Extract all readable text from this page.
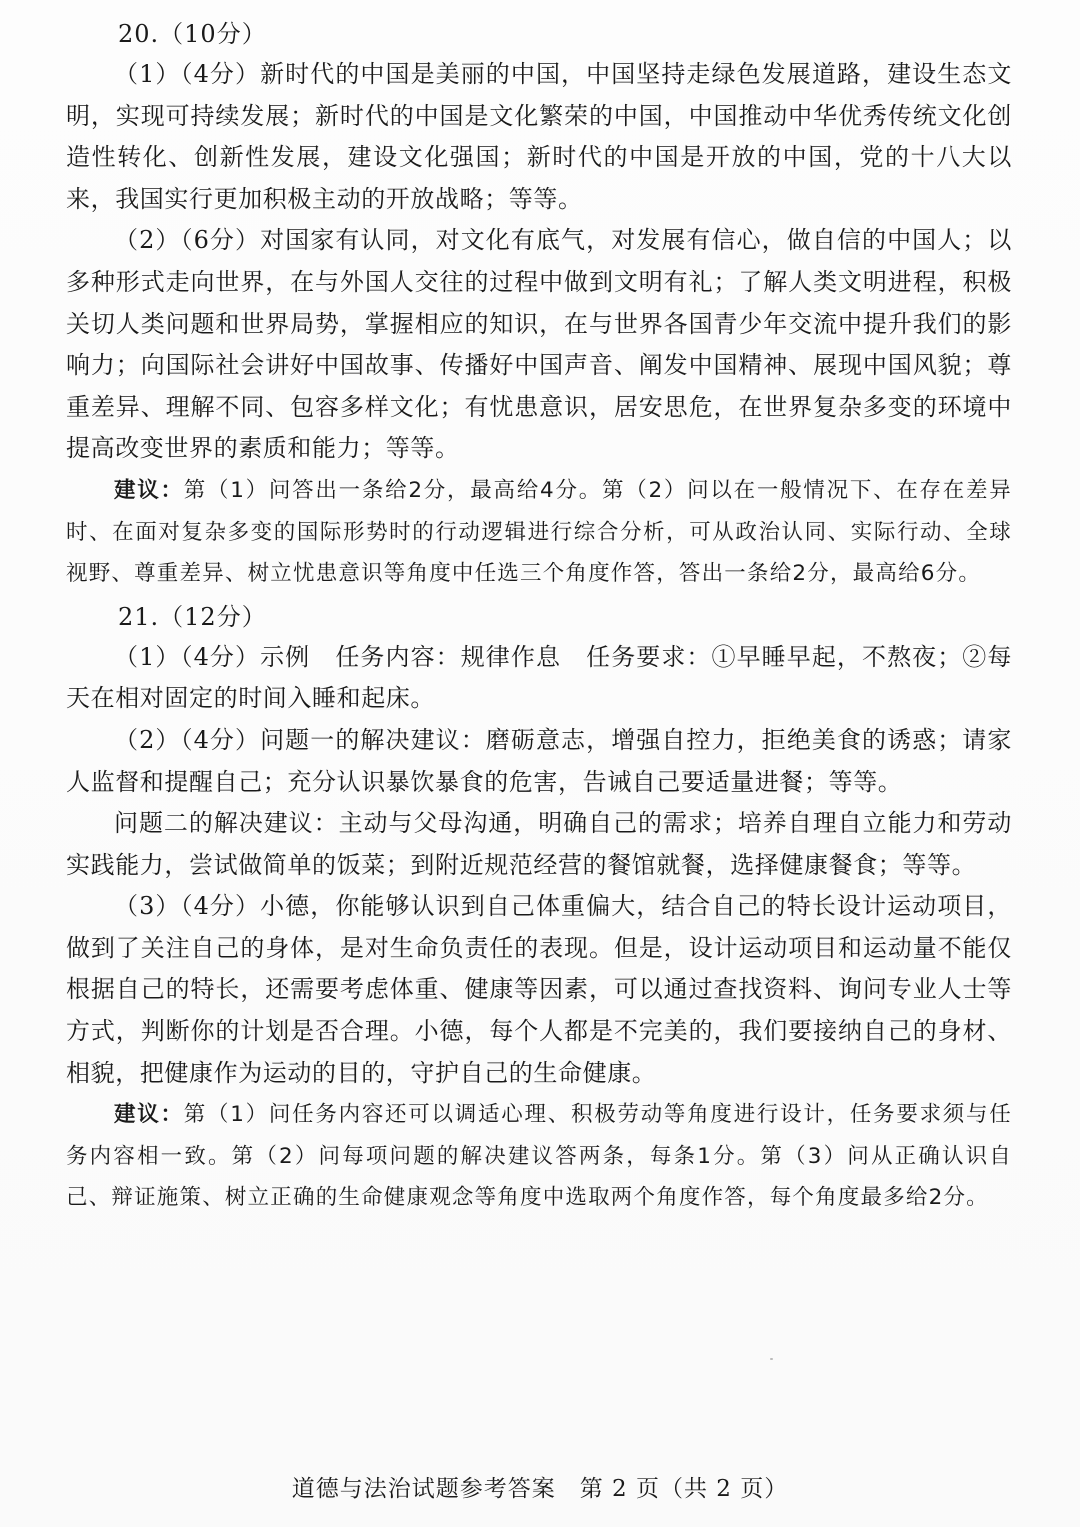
20.（10分）

（1）（4分）新时代的中国是美丽的中国，中国坚持走绿色发展道路，建设生态文明，实现可持续发展；新时代的中国是文化繁荣的中国，中国推动中华优秀传统文化创造性转化、创新性发展，建设文化强国；新时代的中国是开放的中国，党的十八大以来，我国实行更加积极主动的开放战略；等等。

（2）（6分）对国家有认同，对文化有底气，对发展有信心，做自信的中国人；以多种形式走向世界，在与外国人交往的过程中做到文明有礼；了解人类文明进程，积极关切人类问题和世界局势，掌握相应的知识，在与世界各国青少年交流中提升我们的影响力；向国际社会讲好中国故事、传播好中国声音、阐发中国精神、展现中国风貌；尊重差异、理解不同、包容多样文化；有忧患意识，居安思危，在世界复杂多变的环境中提高改变世界的素质和能力；等等。

建议：第（1）问答出一条给2分，最高给4分。第（2）问以在一般情况下、在存在差异时、在面对复杂多变的国际形势时的行动逻辑进行综合分析，可从政治认同、实际行动、全球视野、尊重差异、树立忧患意识等角度中任选三个角度作答，答出一条给2分，最高给6分。

21.（12分）

（1）（4分）示例　任务内容：规律作息　任务要求：①早睡早起，不熬夜；②每天在相对固定的时间入睡和起床。

（2）（4分）问题一的解决建议：磨砺意志，增强自控力，拒绝美食的诱惑；请家人监督和提醒自己；充分认识暴饮暴食的危害，告诫自己要适量进餐；等等。

问题二的解决建议：主动与父母沟通，明确自己的需求；培养自理自立能力和劳动实践能力，尝试做简单的饭菜；到附近规范经营的餐馆就餐，选择健康餐食；等等。

（3）（4分）小德，你能够认识到自己体重偏大，结合自己的特长设计运动项目，做到了关注自己的身体，是对生命负责任的表现。但是，设计运动项目和运动量不能仅根据自己的特长，还需要考虑体重、健康等因素，可以通过查找资料、询问专业人士等方式，判断你的计划是否合理。小德，每个人都是不完美的，我们要接纳自己的身材、相貌，把健康作为运动的目的，守护自己的生命健康。

建议：第（1）问任务内容还可以调适心理、积极劳动等角度进行设计，任务要求须与任务内容相一致。第（2）问每项问题的解决建议答两条，每条1分。第（3）问从正确认识自己、辩证施策、树立正确的生命健康观念等角度中选取两个角度作答，每个角度最多给2分。

道德与法治试题参考答案　第 2 页（共 2 页）
